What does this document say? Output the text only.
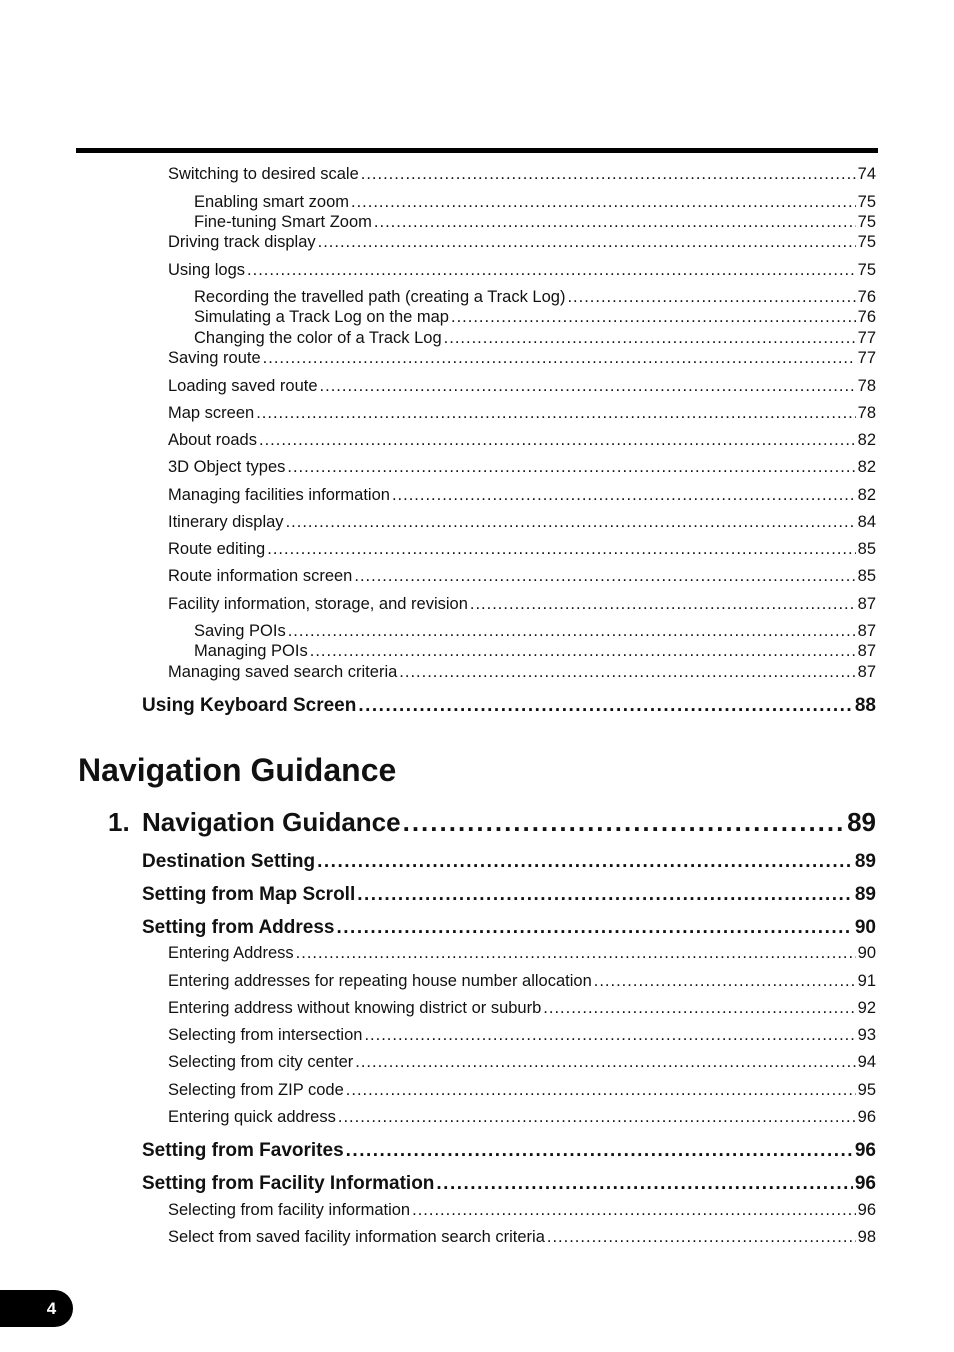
Switching to desired scale .....	74
Enabling smart zoom .....	75
Fine-tuning Smart Zoom .....	75
Driving track display .....	75
Using logs .....	75
Recording the travelled path (creating a Track Log) .....	76
Simulating a Track Log on the map .....	76
Changing the color of a Track Log .....	77
Saving route .....	77
Loading saved route .....	78
Map screen .....	78
About roads .....	82
3D Object types .....	82
Managing facilities information .....	82
Itinerary display .....	84
Route editing .....	85
Route information screen .....	85
Facility information, storage, and revision .....	87
Saving POIs .....	87
Managing POIs .....	87
Managing saved search criteria .....	87
Using Keyboard Screen .....	88
Navigation Guidance
1. Navigation Guidance .....	89
Destination Setting .....	89
Setting from Map Scroll .....	89
Setting from Address .....	90
Entering Address .....	90
Entering addresses for repeating house number allocation .....	91
Entering address without knowing district or suburb .....	92
Selecting from intersection .....	93
Selecting from city center .....	94
Selecting from ZIP code .....	95
Entering quick address .....	96
Setting from Favorites .....	96
Setting from Facility Information .....	96
Selecting from facility information .....	96
Select from saved facility information search criteria .....	98
4
